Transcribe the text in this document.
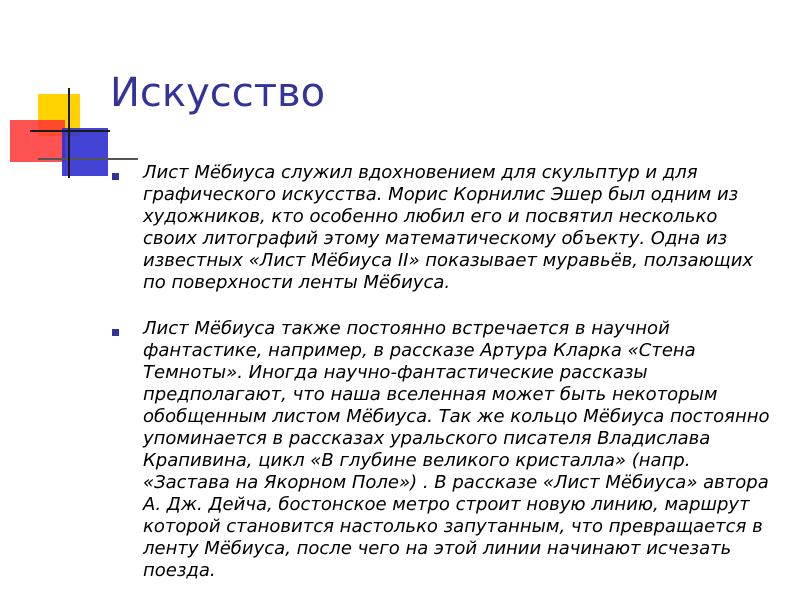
Искусство
Лист Мёбиуса служил вдохновением для скульптур и для графического искусства. Морис Корнилис Эшер был одним из художников, кто особенно любил его и посвятил несколько своих литографий этому математическому объекту. Одна из известных «Лист Мёбиуса II» показывает муравьёв, ползающих по поверхности ленты Мёбиуса.
Лист Мёбиуса также постоянно встречается в научной фантастике, например, в рассказе Артура Кларка «Стена Темноты». Иногда научно-фантастические рассказы предполагают, что наша вселенная может быть некоторым обобщенным листом Мёбиуса. Так же кольцо Мёбиуса постоянно упоминается в рассказах уральского писателя Владислава Крапивина, цикл «В глубине великого кристалла» (напр. «Застава на Якорном Поле») . В рассказе «Лист Мёбиуса» автора А. Дж. Дейча, бостонское метро строит новую линию, маршрут которой становится настолько запутанным, что превращается в ленту Мёбиуса, после чего на этой линии начинают исчезать поезда.
